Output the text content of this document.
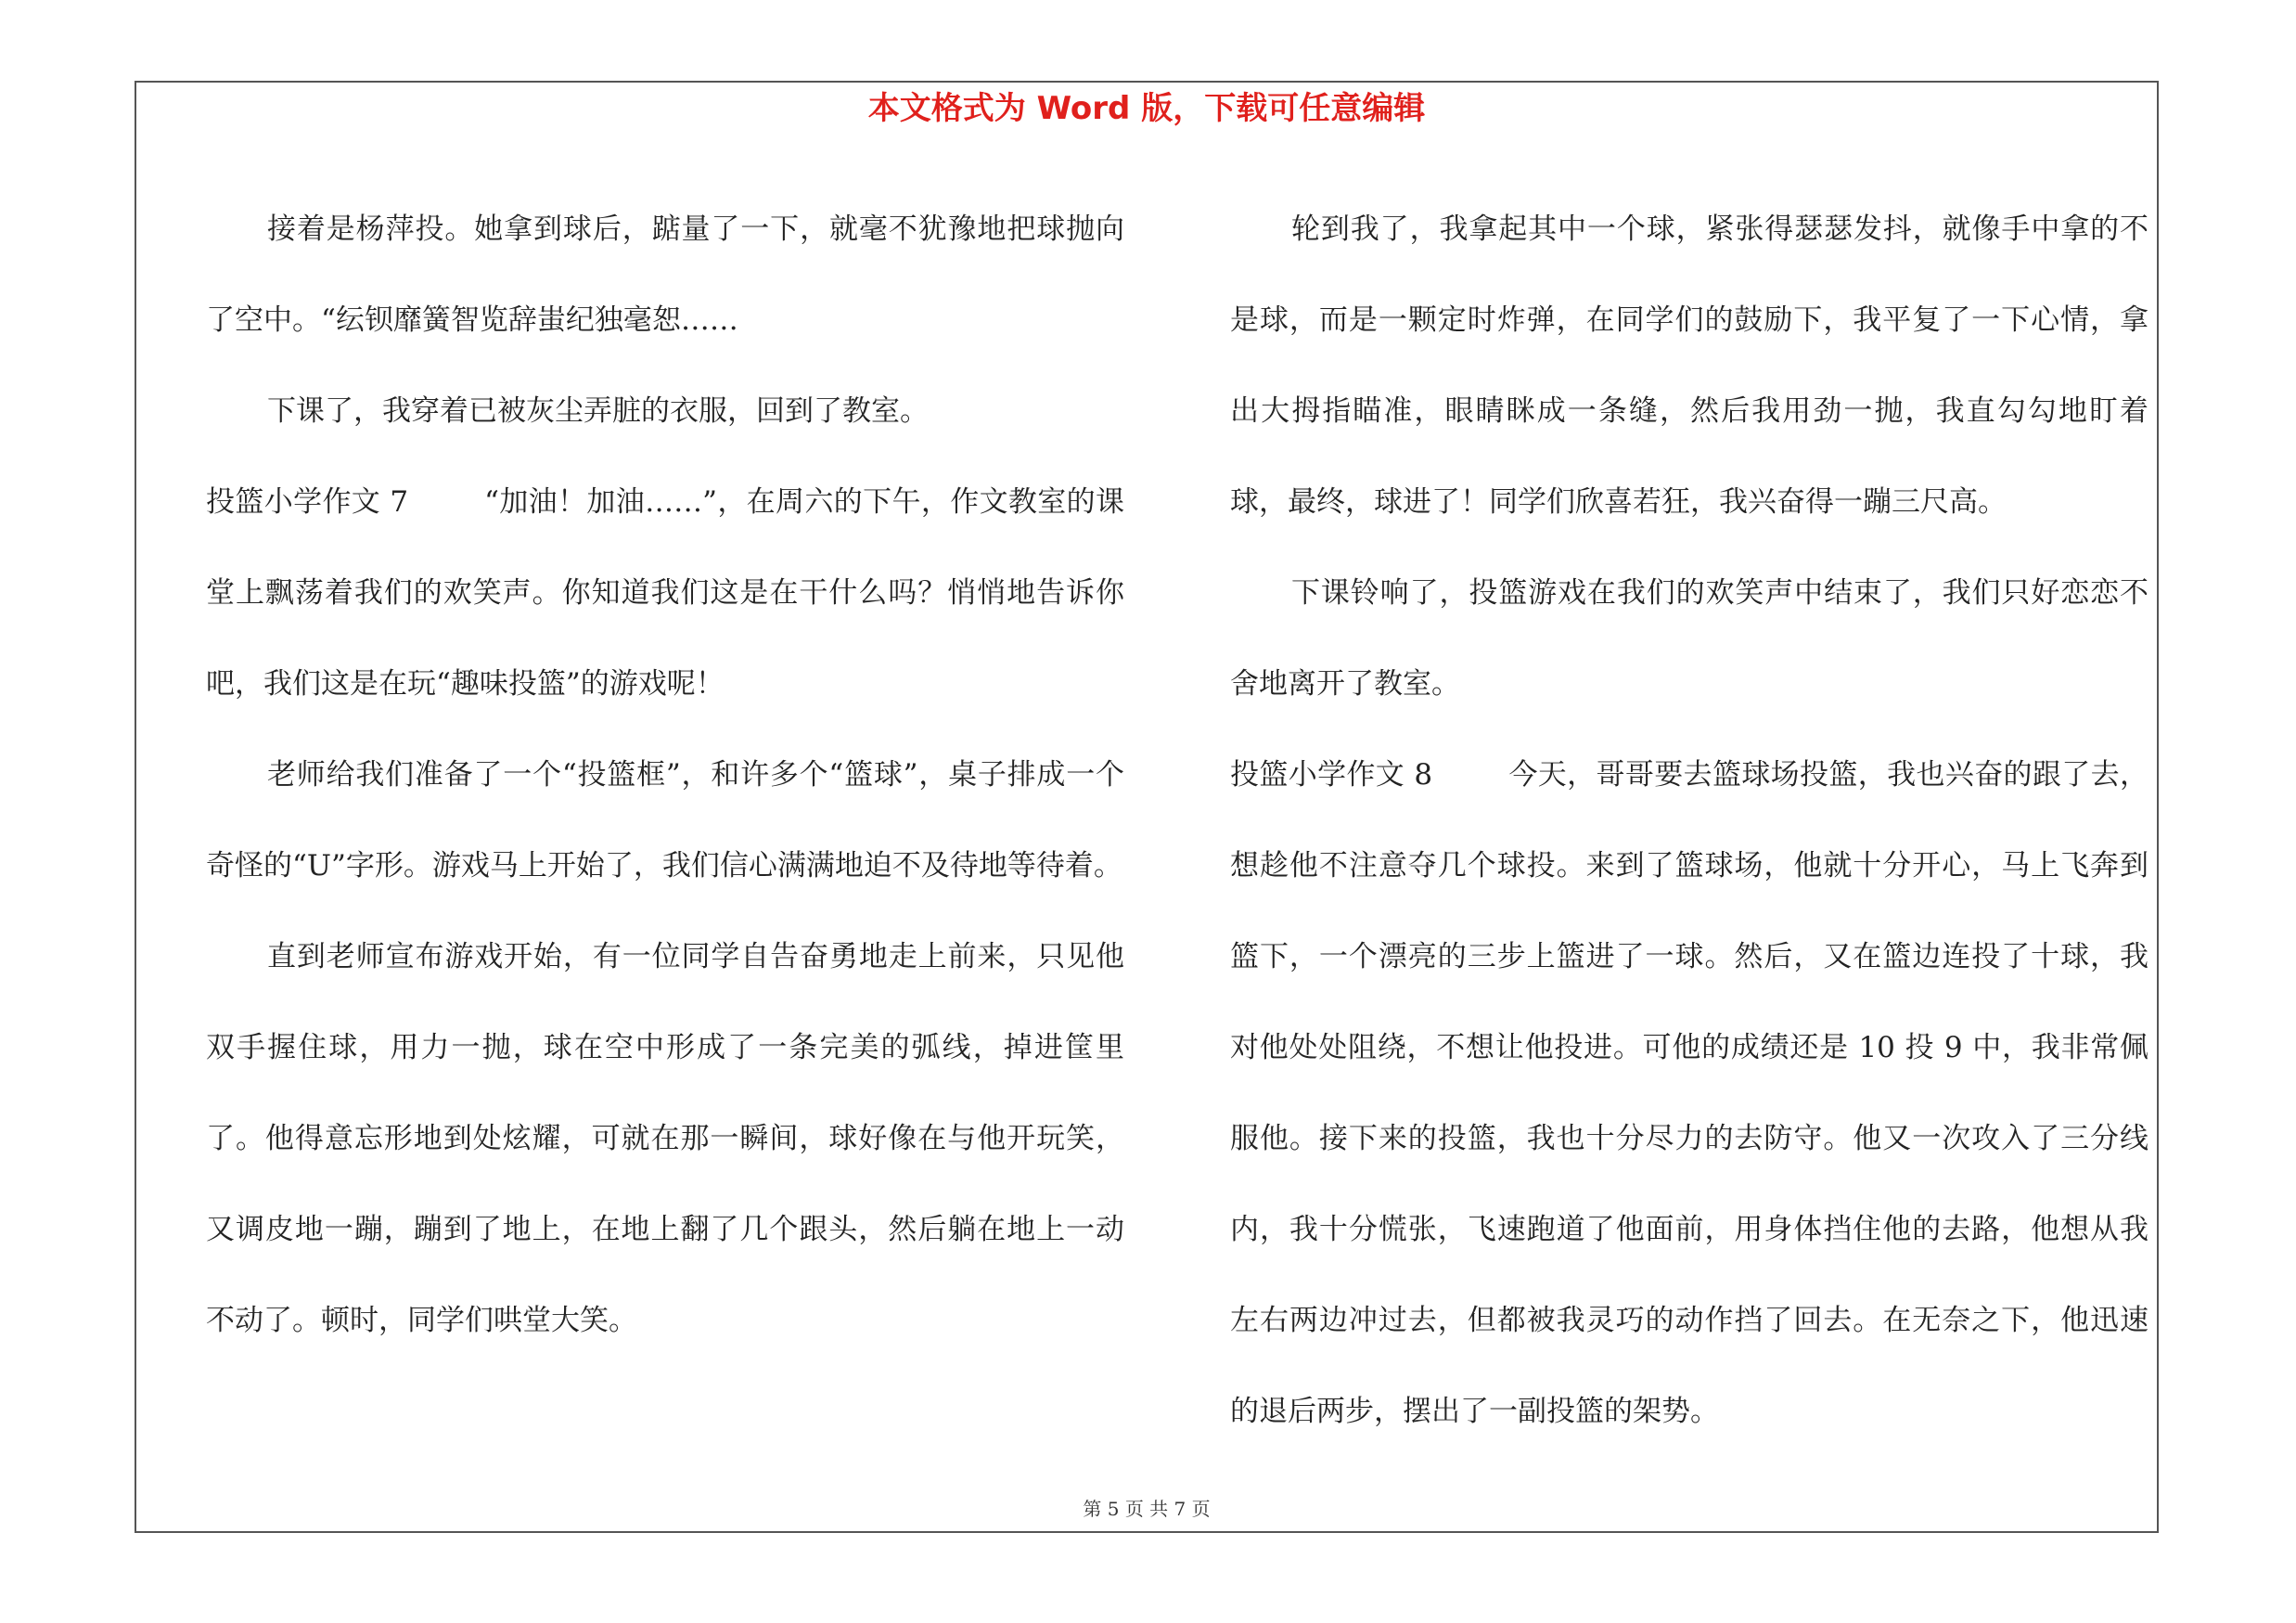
本文格式为 Word 版，下载可任意编辑

接着是杨萍投。她拿到球后，踮量了一下，就毫不犹豫地把球抛向了空中。“纭钡靡簧智览辞蚩纪独毫恕……

下课了，我穿着已被灰尘弄脏的衣服，回到了教室。

投篮小学作文 7	“加油！加油……”，在周六的下午，作文教室的课堂上飘荡着我们的欢笑声。你知道我们这是在干什么吗？悄悄地告诉你吧，我们这是在玩“趣味投篮”的游戏呢！

老师给我们准备了一个“投篮框”，和许多个“篮球”，桌子排成一个奇怪的“U”字形。游戏马上开始了，我们信心满满地迫不及待地等待着。

直到老师宣布游戏开始，有一位同学自告奋勇地走上前来，只见他双手握住球，用力一抛，球在空中形成了一条完美的弧线，掉进筐里了。他得意忘形地到处炫耀，可就在那一瞬间，球好像在与他开玩笑，又调皮地一蹦，蹦到了地上，在地上翻了几个跟头，然后躺在地上一动不动了。顿时，同学们哄堂大笑。

轮到我了，我拿起其中一个球，紧张得瑟瑟发抖，就像手中拿的不是球，而是一颗定时炸弹，在同学们的鼓励下，我平复了一下心情，拿出大拇指瞄准，眼睛眯成一条缝，然后我用劲一抛，我直勾勾地盯着球，最终，球进了！同学们欣喜若狂，我兴奋得一蹦三尺高。

下课铃响了，投篮游戏在我们的欢笑声中结束了，我们只好恋恋不舍地离开了教室。

投篮小学作文 8	今天，哥哥要去篮球场投篮，我也兴奋的跟了去，想趁他不注意夺几个球投。来到了篮球场，他就十分开心，马上飞奔到篮下，一个漂亮的三步上篮进了一球。然后，又在篮边连投了十球，我对他处处阻绕，不想让他投进。可他的成绩还是 10 投 9 中，我非常佩服他。接下来的投篮，我也十分尽力的去防守。他又一次攻入了三分线内，我十分慌张，飞速跑道了他面前，用身体挡住他的去路，他想从我左右两边冲过去，但都被我灵巧的动作挡了回去。在无奈之下，他迅速的退后两步，摆出了一副投篮的架势。

第 5 页 共 7 页
